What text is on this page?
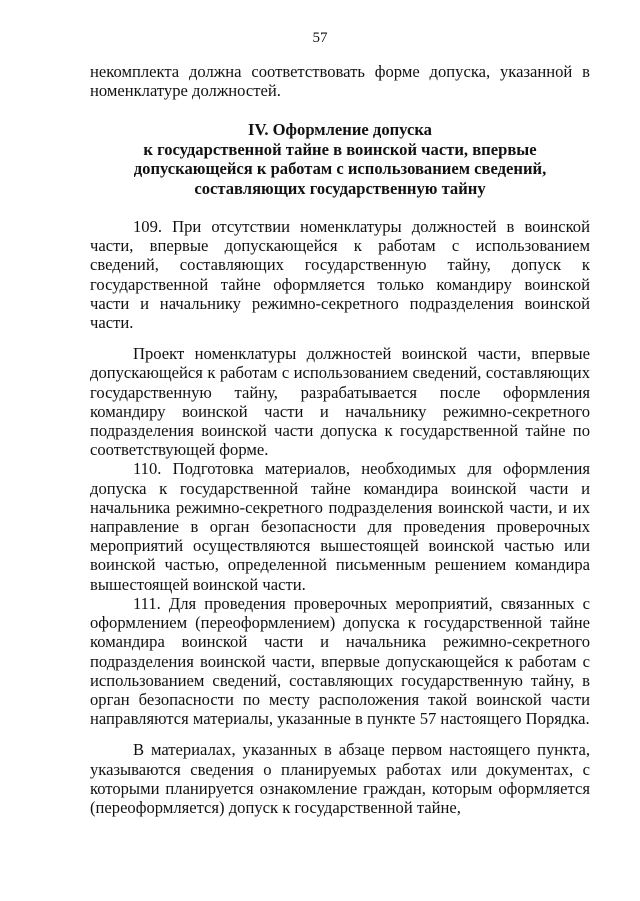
57

некомплекта должна соответствовать форме допуска, указанной в номенклатуре должностей.

IV. Оформление допуска
к государственной тайне в воинской части, впервые
допускающейся к работам с использованием сведений,
составляющих государственную тайну

109. При отсутствии номенклатуры должностей в воинской части, впервые допускающейся к работам с использованием сведений, составляющих государственную тайну, допуск к государственной тайне оформляется только командиру воинской части и начальнику режимно-секретного подразделения воинской части.

Проект номенклатуры должностей воинской части, впервые допускающейся к работам с использованием сведений, составляющих государственную тайну, разрабатывается после оформления командиру воинской части и начальнику режимно-секретного подразделения воинской части допуска к государственной тайне по соответствующей форме.

110. Подготовка материалов, необходимых для оформления допуска к государственной тайне командира воинской части и начальника режимно-секретного подразделения воинской части, и их направление в орган безопасности для проведения проверочных мероприятий осуществляются вышестоящей воинской частью или воинской частью, определенной письменным решением командира вышестоящей воинской части.

111. Для проведения проверочных мероприятий, связанных с оформлением (переоформлением) допуска к государственной тайне командира воинской части и начальника режимно-секретного подразделения воинской части, впервые допускающейся к работам с использованием сведений, составляющих государственную тайну, в орган безопасности по месту расположения такой воинской части направляются материалы, указанные в пункте 57 настоящего Порядка.

В материалах, указанных в абзаце первом настоящего пункта, указываются сведения о планируемых работах или документах, с которыми планируется ознакомление граждан, которым оформляется (переоформляется) допуск к государственной тайне,
